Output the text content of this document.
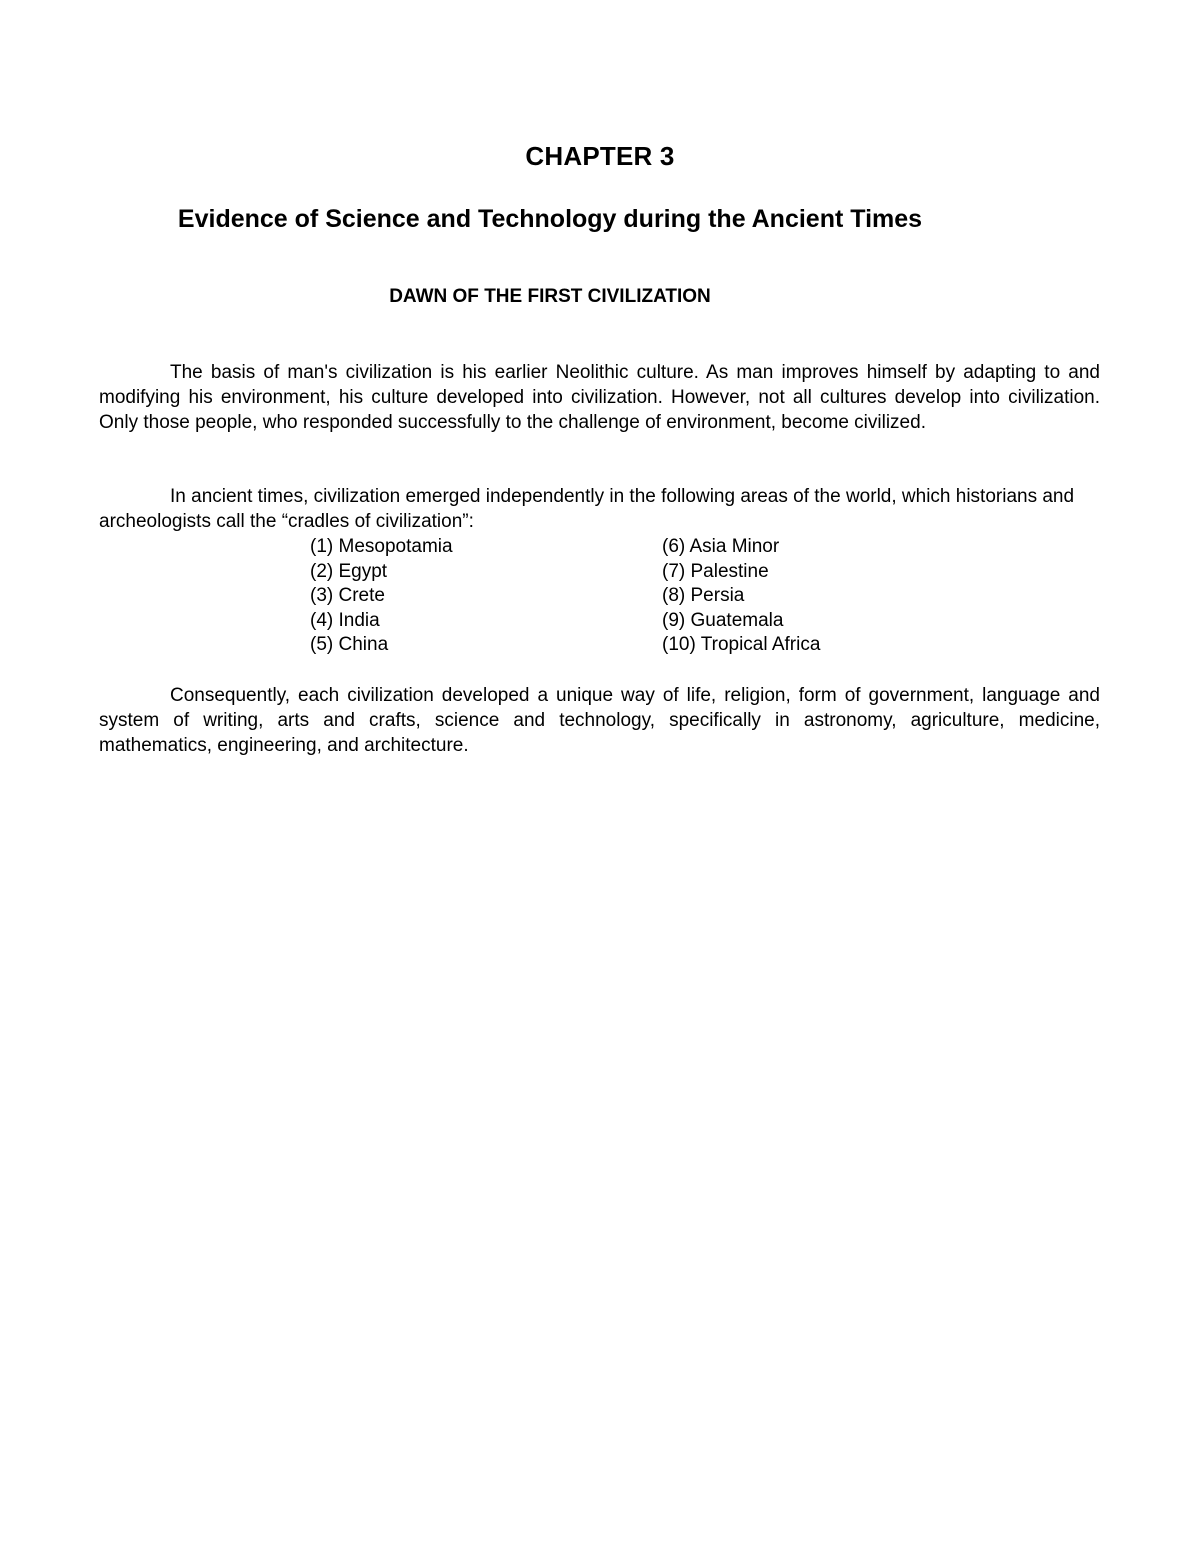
CHAPTER 3
Evidence of Science and Technology during the Ancient Times
DAWN OF THE FIRST CIVILIZATION

The basis of man's civilization is his earlier Neolithic culture. As man improves himself by adapting to and modifying his environment, his culture developed into civilization. However, not all cultures develop into civilization. Only those people, who responded successfully to the challenge of environment, become civilized.

In ancient times, civilization emerged independently in the following areas of the world, which historians and archeologists call the “cradles of civilization”:

(1) Mesopotamia
(2) Egypt
(3) Crete
(4) India
(5) China
(6) Asia Minor
(7) Palestine
(8) Persia
(9) Guatemala
(10) Tropical Africa

Consequently, each civilization developed a unique way of life, religion, form of government, language and system of writing, arts and crafts, science and technology, specifically in astronomy, agriculture, medicine, mathematics, engineering, and architecture.
